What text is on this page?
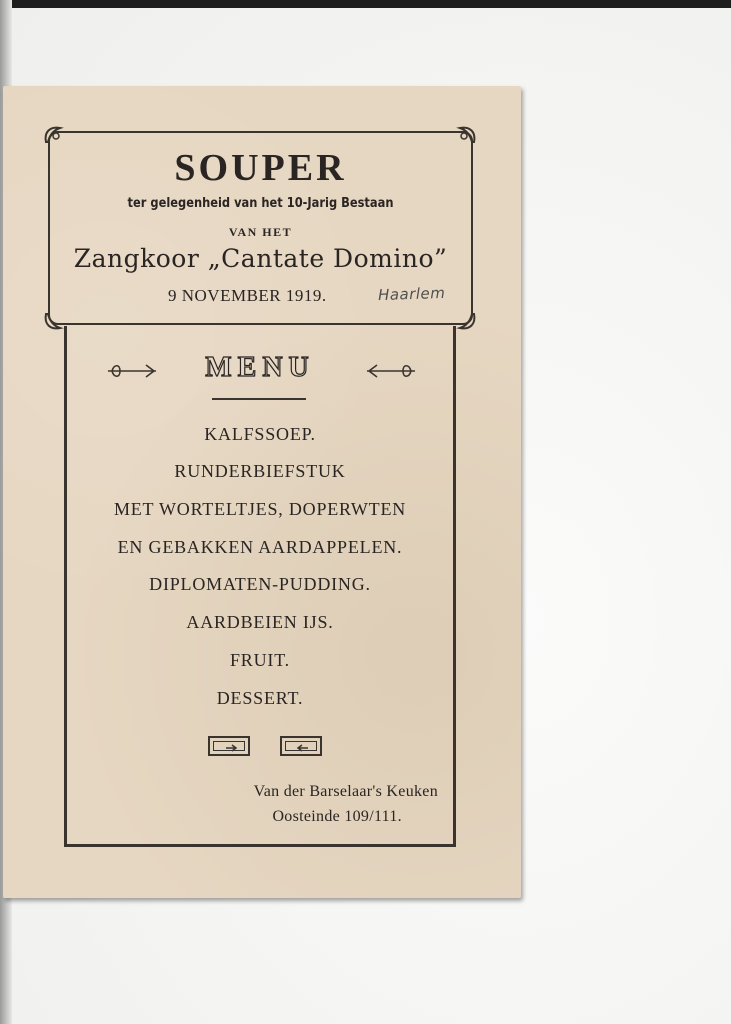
SOUPER
ter gelegenheid van het 10-Jarig Bestaan
VAN HET
Zangkoor „Cantate Domino”
9 NOVEMBER 1919.	Haarlem
MENU
KALFSSOEP.
RUNDERBIEFSTUK
MET WORTELTJES, DOPERWTEN
EN GEBAKKEN AARDAPPELEN.
DIPLOMATEN-PUDDING.
AARDBEIEN IJS.
FRUIT.
DESSERT.
Van der Barselaar's Keuken
Oosteinde 109/111.
